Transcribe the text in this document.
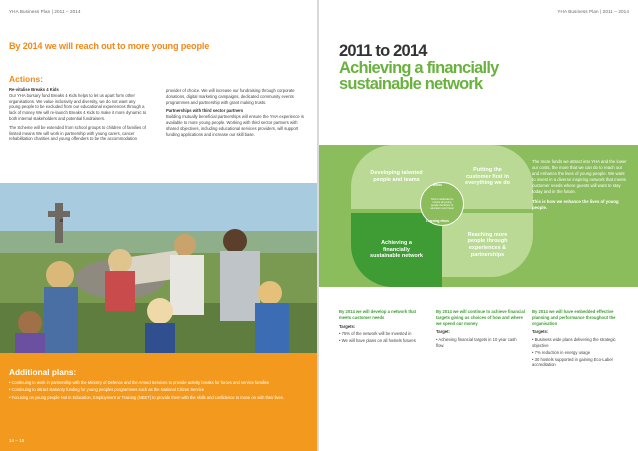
YHA Business Plan | 2011 – 2014
By 2014 we will reach out to more young people
Actions:
Re-vitalise Breaks 4 Kids

Our YHA bursary fund Breaks 4 Kids helps to let us apart form other organisations. We value inclusivity and diversity, we do not want any young people to be excluded from our educational experiences through a lack of money We will re-launch Breaks 4 Kids to make it more dynamic to both internal stakeholders and potential fundraisers.

The Scheme will be extended from school groups to children of families of limited means We will work in partnership with young carers, cancer rehabilitation charities and young offenders to be the accommodation

provider of choice. We will increase our fundraising through corporate donations, digital marketing campaigns, dedicated community events programmes and partnership with grant making trusts.

Partnerships with third sector partners

Building mutually beneficial partnerships will ensure the YHA experience is available to more young people. Working with third sector partners with shared objectives, including educational services providers, will support funding applications and increase our skill base.

Additional plans:
• Continuing to work in partnership with the Ministry of Defence and the Armed Services to provide activity breaks for forces and service families
• Continuing to attract statutory funding for young peoples programmes such as the National Citizen Service
• Focusing on young people Not in Education, Employment or Training (NEET) to provide them with the skills and confidence to move on with their lives.
14 – 15
YHA Business Plan | 2011 – 2014
2011 to 2014
Achieving a financially
sustainable network
Developing talented people and teams
Putting the customer first in everything we do
Achieving a financially sustainable network
Reaching more people through experiences & partnerships
YHA is dedicated to inspire all young people the Ethos of education and travel
Ethos
Learning ethos

The more funds we attract into YHA and the lower our costs, the more that we can do to reach out and enhance the lives of young people. We want to invest in a diverse inspiring network that meets customer needs where guests will want to stay today and in the future.

This is how we enhance the lives of young people.

By 2014 we will develop a network that meets customer needs
Targets:
• 75% of the network will be invested in
• We will have plans on all hostels futures
By 2014 we will continue to achieve financial targets giving us choices of how and where we spend our money
Target:
• Achieving financial targets in 10 year cash flow.
By 2014 we will have embedded effective planning and performance throughout the organisation
Targets:
• Business wide plans delivering the strategic objective
• 7% reduction in energy usage
• 30 hostels supported in gaining Eco-Label accreditation
